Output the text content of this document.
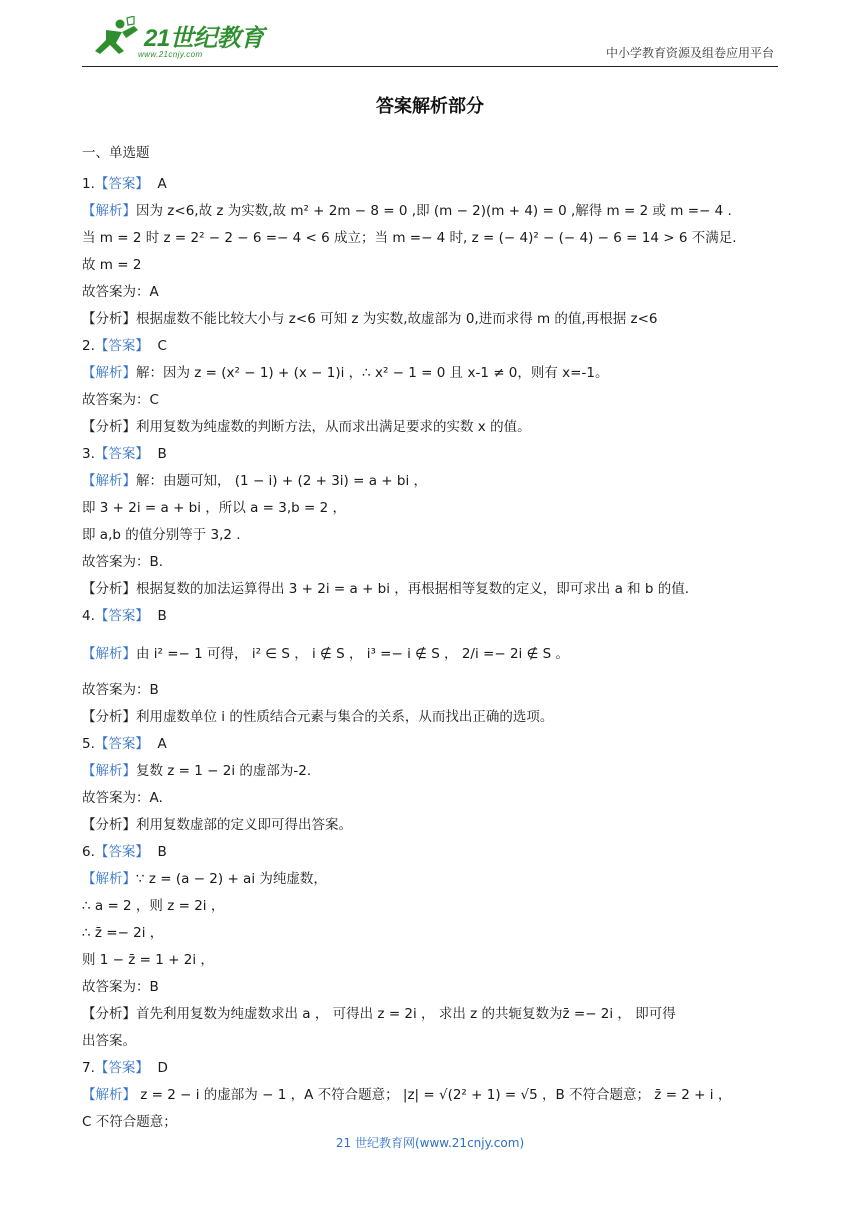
21世纪教育
www.21cnjy.com	中小学教育资源及组卷应用平台
答案解析部分
一、单选题
1.【答案】 A
【解析】因为 z<6,故 z 为实数,故 m² + 2m − 8 = 0 ,即 (m − 2)(m + 4) = 0 ,解得 m = 2 或 m =− 4 .
当 m = 2 时 z = 2² − 2 − 6 =− 4 < 6 成立；当 m =− 4 时, z = (− 4)² − (− 4) − 6 = 14 > 6 不满足.
故 m = 2
故答案为：A
【分析】根据虚数不能比较大小与 z<6 可知 z 为实数,故虚部为 0,进而求得 m 的值,再根据 z<6
2.【答案】 C
【解析】解：因为 z = (x² − 1) + (x − 1)i ，∴ x² − 1 = 0 且 x-1 ≠ 0，则有 x=-1。
故答案为：C
【分析】利用复数为纯虚数的判断方法，从而求出满足要求的实数 x 的值。
3.【答案】 B
【解析】解：由题可知， (1 − i) + (2 + 3i) = a + bi ，
即 3 + 2i = a + bi ，所以 a = 3,b = 2 ，
即 a,b 的值分别等于 3,2 .
故答案为：B.
【分析】根据复数的加法运算得出 3 + 2i = a + bi ，再根据相等复数的定义，即可求出 a 和 b 的值.
4.【答案】 B
【解析】由 i² =− 1 可得， i² ∈ S ， i ∉ S ， i³ =− i ∉ S ， 2/i =− 2i ∉ S 。
故答案为：B
【分析】利用虚数单位 i 的性质结合元素与集合的关系，从而找出正确的选项。
5.【答案】 A
【解析】复数 z = 1 − 2i 的虚部为-2.
故答案为：A.
【分析】利用复数虚部的定义即可得出答案。
6.【答案】 B
【解析】∵ z = (a − 2) + ai 为纯虚数，
∴ a = 2 ，则 z = 2i ，
∴ z̄ =− 2i ，
则 1 − z̄ = 1 + 2i ，
故答案为：B
【分析】首先利用复数为纯虚数求出 a ， 可得出 z = 2i ， 求出 z 的共轭复数为z̄ =− 2i ， 即可得
出答案。
7.【答案】 D
【解析】 z = 2 − i 的虚部为 − 1 ，A 不符合题意； |z| = √(2² + 1) = √5 ，B 不符合题意； z̄ = 2 + i ，
C 不符合题意；
21 世纪教育网(www.21cnjy.com)
